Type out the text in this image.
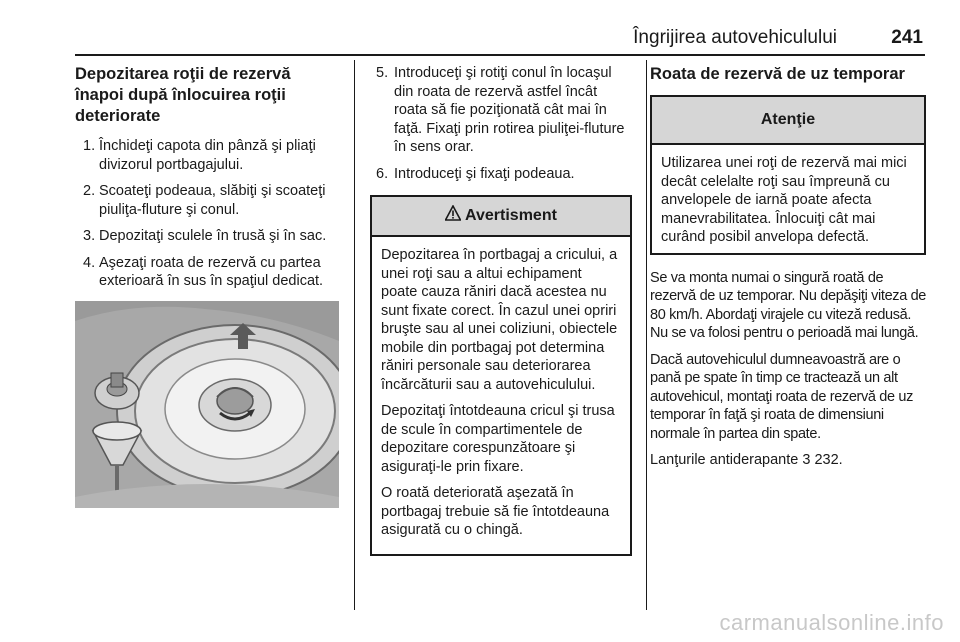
Îngrijirea autovehiculului	241
Depozitarea roţii de rezervă
înapoi după înlocuirea roţii
deteriorate
1. Închideţi capota din pânză şi pliaţi divizorul portbagajului.
2. Scoateţi podeaua, slăbiţi şi scoateţi piuliţa-fluture şi conul.
3. Depozitaţi sculele în trusă şi în sac.
4. Aşezaţi roata de rezervă cu partea exterioară în sus în spaţiul dedicat.
5. Introduceţi şi rotiţi conul în locaşul din roata de rezervă astfel încât roata să fie poziţionată cât mai în faţă. Fixaţi prin rotirea piuliţei-fluture în sens orar.
6. Introduceţi şi fixaţi podeaua.
Avertisment

Depozitarea în portbagaj a cricului, a unei roţi sau a altui echipament poate cauza răniri dacă acestea nu sunt fixate corect. În cazul unei opriri bruşte sau al unei coliziuni, obiectele mobile din portbagaj pot determina răniri personale sau deteriorarea încărcăturii sau a autovehiculului.

Depozitaţi întotdeauna cricul şi trusa de scule în compartimentele de depozitare corespunzătoare şi asiguraţi-le prin fixare.

O roată deteriorată aşezată în portbagaj trebuie să fie întotdeauna asigurată cu o chingă.

Roata de rezervă de uz temporar
Atenţie

Utilizarea unei roţi de rezervă mai mici decât celelalte roţi sau împreună cu anvelopele de iarnă poate afecta manevrabilitatea. Înlocuiţi cât mai curând posibil anvelopa defectă.

Se va monta numai o singură roată de rezervă de uz temporar. Nu depăşiţi viteza de 80 km/h. Abordaţi virajele cu viteză redusă. Nu se va folosi pentru o perioadă mai lungă.

Dacă autovehiculul dumneavoastră are o pană pe spate în timp ce tractează un alt autovehicul, montaţi roata de rezervă de uz temporar în faţă şi roata de dimensiuni normale în partea din spate.

Lanţurile antiderapante 3 232.

carmanualsonline.info
